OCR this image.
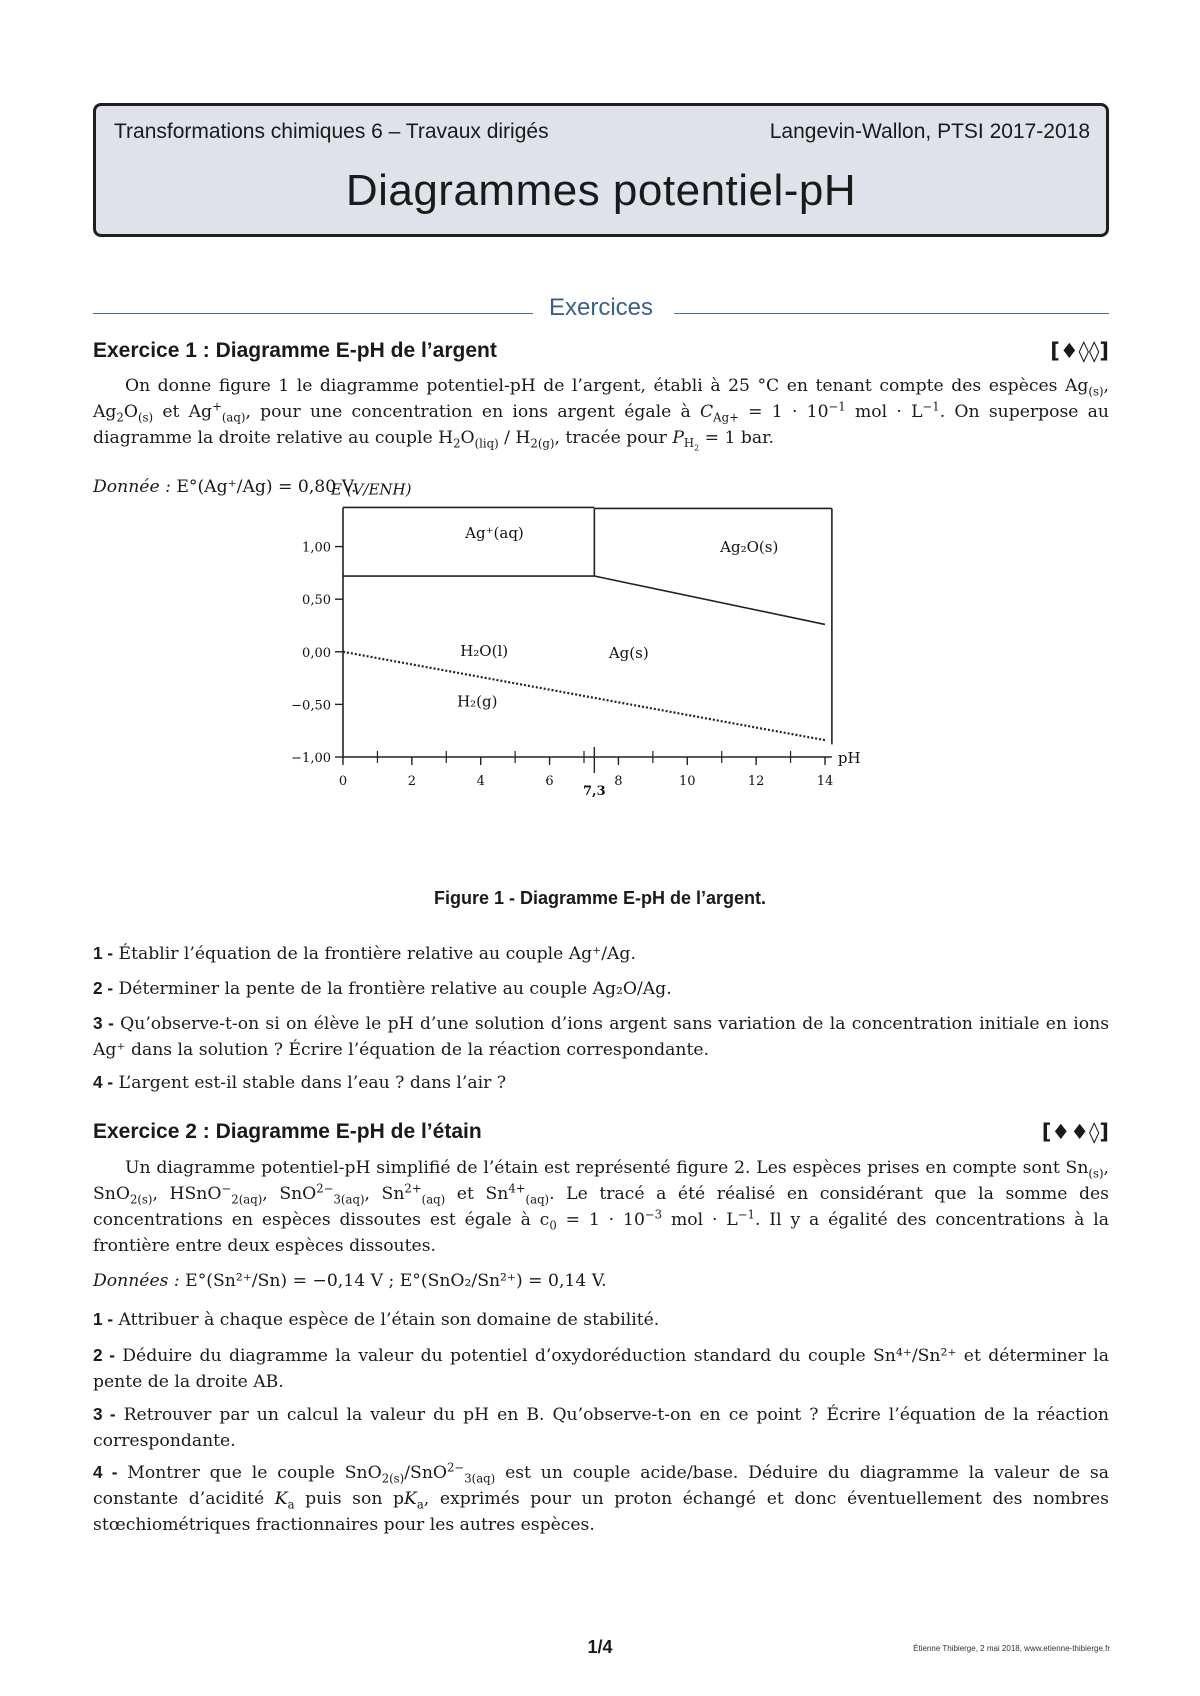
Transformations chimiques 6 – Travaux dirigés	Langevin-Wallon, PTSI 2017-2018
Diagrammes potentiel-pH
Exercices
Exercice 1 : Diagramme E-pH de l’argent	[♦◊◊]
On donne figure 1 le diagramme potentiel-pH de l’argent, établi à 25 °C en tenant compte des espèces $Ag_{(s)}$, $Ag_2O_{(s)}$ et $Ag^+_{(aq)}$, pour une concentration en ions argent égale à $C_{Ag+} = 1 \cdot 10^{-1}$ mol · $L^{-1}$. On superpose au diagramme la droite relative au couple $H_2O_{(liq)} / H_{2(g)}$, tracée pour $P_{H_2} = 1$ bar.
Donnée : E°(Ag⁺/Ag) = 0,80 V.
1,00
0,50
0,00
−0,50
−1,00
0	2	4	6	8	10	12	14
7,3
E (V/ENH)
pH
Ag⁺(aq)
Ag₂O(s)
Ag(s)
H₂O(l)
H₂(g)
Figure 1 - Diagramme E-pH de l’argent.
1 - Établir l’équation de la frontière relative au couple Ag⁺/Ag.
2 - Déterminer la pente de la frontière relative au couple Ag₂O/Ag.
3 - Qu’observe-t-on si on élève le pH d’une solution d’ions argent sans variation de la concentration initiale en ions Ag⁺ dans la solution ? Écrire l’équation de la réaction correspondante.
4 - L’argent est-il stable dans l’eau ? dans l’air ?
Exercice 2 : Diagramme E-pH de l’étain	[♦♦◊]
Un diagramme potentiel-pH simplifié de l’étain est représenté figure 2. Les espèces prises en compte sont $Sn_{(s)}$, SnO$_{2(s)}$, HSnO−$_{2(aq)}$, SnO$^{2-}_{3(aq)}$, $Sn^{2+}_{(aq)}$ et $Sn^{4+}_{(aq)}$. Le tracé a été réalisé en considérant que la somme des concentrations en espèces dissoutes est égale à $c_0 = 1 \cdot 10^{-3}$ mol · $L^{-1}$. Il y a égalité des concentrations à la frontière entre deux espèces dissoutes.
Données : E°(Sn²⁺/Sn) = −0,14 V ; E°(SnO₂/Sn²⁺) = 0,14 V.
1 - Attribuer à chaque espèce de l’étain son domaine de stabilité.
2 - Déduire du diagramme la valeur du potentiel d’oxydoréduction standard du couple Sn⁴⁺/Sn²⁺ et déterminer la pente de la droite AB.
3 - Retrouver par un calcul la valeur du pH en B. Qu’observe-t-on en ce point ? Écrire l’équation de la réaction correspondante.
4 - Montrer que le couple SnO$_{2(s)}$/SnO$^{2-}_{3(aq)}$ est un couple acide/base. Déduire du diagramme la valeur de sa constante d’acidité $K_a$ puis son $pK_a$, exprimés pour un proton échangé et donc éventuellement des nombres stœchiométriques fractionnaires pour les autres espèces.
1/4	Étienne Thibierge, 2 mai 2018, www.etienne-thibierge.fr
